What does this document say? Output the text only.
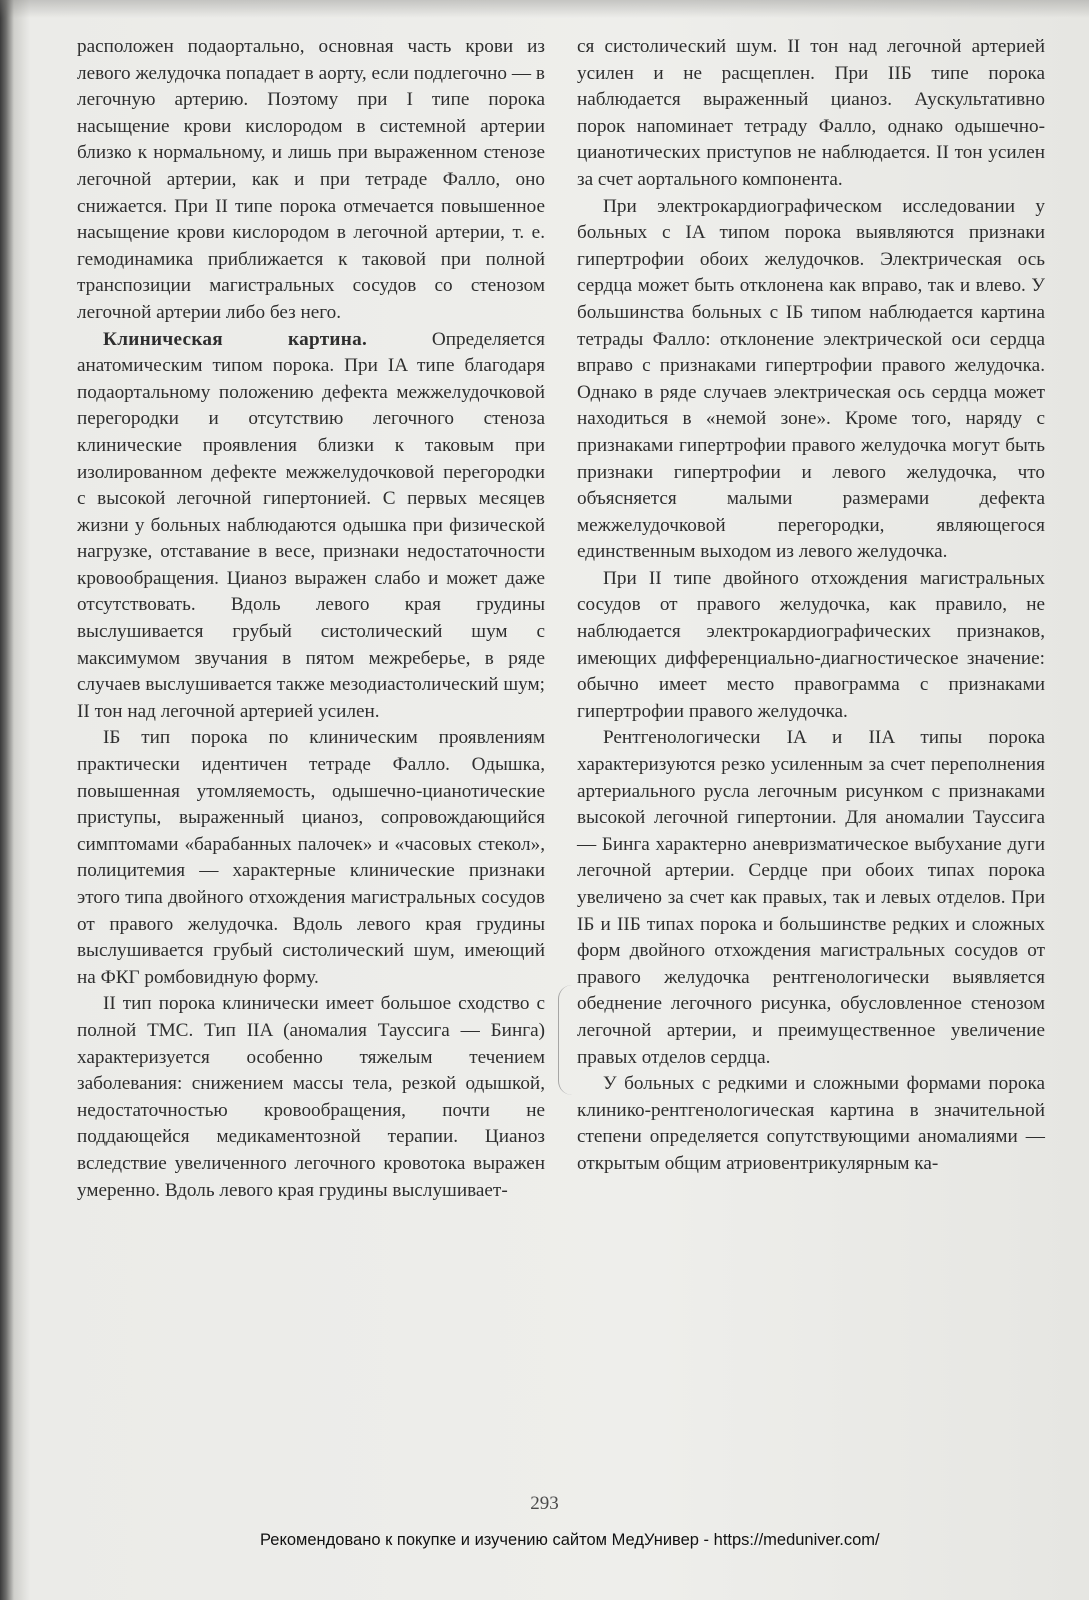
расположен подаортально, основная часть крови из левого желудочка попадает в аорту, если подлегочно — в легочную артерию. Поэтому при I типе порока насыщение крови кислородом в системной артерии близко к нормальному, и лишь при выраженном стенозе легочной артерии, как и при тетраде Фалло, оно снижается. При II типе порока отмечается повышенное насыщение крови кислородом в легочной артерии, т. е. гемодинамика приближается к таковой при полной транспозиции магистральных сосудов со стенозом легочной артерии либо без него.

Клиническая картина. Определяется анатомическим типом порока. При IA типе благодаря подаортальному положению дефекта межжелудочковой перегородки и отсутствию легочного стеноза клинические проявления близки к таковым при изолированном дефекте межжелудочковой перегородки с высокой легочной гипертонией. С первых месяцев жизни у больных наблюдаются одышка при физической нагрузке, отставание в весе, признаки недостаточности кровообращения. Цианоз выражен слабо и может даже отсутствовать. Вдоль левого края грудины выслушивается грубый систолический шум с максимумом звучания в пятом межреберье, в ряде случаев выслушивается также мезодиастолический шум; II тон над легочной артерией усилен.

IБ тип порока по клиническим проявлениям практически идентичен тетраде Фалло. Одышка, повышенная утомляемость, одышечно-цианотические приступы, выраженный цианоз, сопровождающийся симптомами «барабанных палочек» и «часовых стекол», полицитемия — характерные клинические признаки этого типа двойного отхождения магистральных сосудов от правого желудочка. Вдоль левого края грудины выслушивается грубый систолический шум, имеющий на ФКГ ромбовидную форму.

II тип порока клинически имеет большое сходство с полной ТМС. Тип IIA (аномалия Таусcига — Бинга) характеризуется особенно тяжелым течением заболевания: снижением массы тела, резкой одышкой, недостаточностью кровообращения, почти не поддающейся медикаментозной терапии. Цианоз вследствие увеличенного легочного кровотока выражен умеренно. Вдоль левого края грудины выслушивает-

ся систолический шум. II тон над легочной артерией усилен и не расщеплен. При IIБ типе порока наблюдается выраженный цианоз. Аускультативно порок напоминает тетраду Фалло, однако одышечно-цианотических приступов не наблюдается. II тон усилен за счет аортального компонента.

При электрокардиографическом исследовании у больных с IA типом порока выявляются признаки гипертрофии обоих желудочков. Электрическая ось сердца может быть отклонена как вправо, так и влево. У большинства больных с IБ типом наблюдается картина тетрады Фалло: отклонение электрической оси сердца вправо с признаками гипертрофии правого желудочка. Однако в ряде случаев электрическая ось сердца может находиться в «немой зоне». Кроме того, наряду с признаками гипертрофии правого желудочка могут быть признаки гипертрофии и левого желудочка, что объясняется малыми размерами дефекта межжелудочковой перегородки, являющегося единственным выходом из левого желудочка.

При II типе двойного отхождения магистральных сосудов от правого желудочка, как правило, не наблюдается электрокардиографических признаков, имеющих дифференциально-диагностическое значение: обычно имеет место правограмма с признаками гипертрофии правого желудочка.

Рентгенологически IA и IIA типы порока характеризуются резко усиленным за счет переполнения артериального русла легочным рисунком с признаками высокой легочной гипертонии. Для аномалии Таусcига — Бинга характерно аневризматическое выбухание дуги легочной артерии. Сердце при обоих типах порока увеличено за счет как правых, так и левых отделов. При IБ и IIБ типах порока и большинстве редких и сложных форм двойного отхождения магистральных сосудов от правого желудочка рентгенологически выявляется обеднение легочного рисунка, обусловленное стенозом легочной артерии, и преимущественное увеличение правых отделов сердца.

У больных с редкими и сложными формами порока клинико-рентгенологическая картина в значительной степени определяется сопутствующими аномалиями — открытым общим атриовентрикулярным ка-

293
Рекомендовано к покупке и изучению сайтом МедУнивер - https://meduniver.com/
